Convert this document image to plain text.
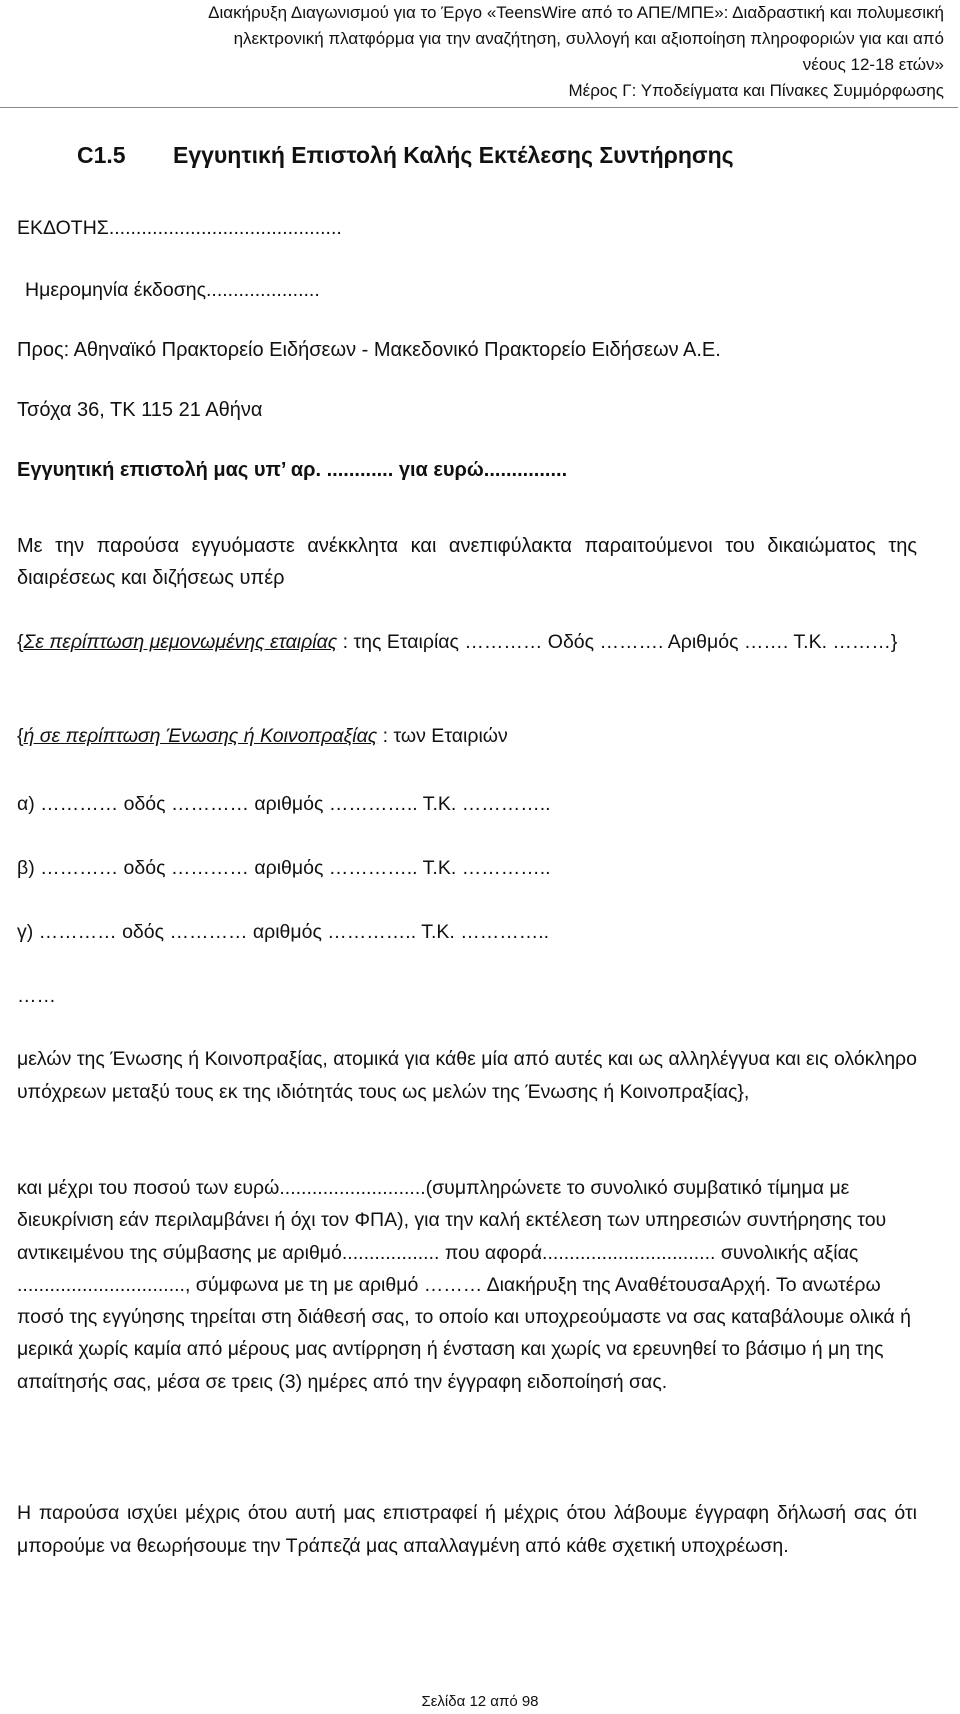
Διακήρυξη Διαγωνισμού για το Έργο «TeensWire από το ΑΠΕ/ΜΠΕ»: Διαδραστική και πολυμεσική
ηλεκτρονική πλατφόρμα για την αναζήτηση, συλλογή και αξιοποίηση πληροφοριών για και από
νέους 12-18 ετών»
Μέρος Γ: Υποδείγματα και Πίνακες Συμμόρφωσης
C1.5 Εγγυητική Επιστολή Καλής Εκτέλεσης Συντήρησης
ΕΚΔΟΤΗΣ...........................................
Ημερομηνία έκδοσης.....................
Προς: Αθηναϊκό Πρακτορείο Ειδήσεων - Μακεδονικό Πρακτορείο Ειδήσεων Α.Ε.
Τσόχα 36, ΤΚ 115 21 Αθήνα
Εγγυητική επιστολή μας υπ’ αρ. ............ για ευρώ...............
Με την παρούσα εγγυόμαστε ανέκκλητα και ανεπιφύλακτα παραιτούμενοι του δικαιώματος της διαιρέσεως και διζήσεως υπέρ
{Σε περίπτωση μεμονωμένης εταιρίας : της Εταιρίας ………… Οδός ………. Αριθμός ……. Τ.Κ. ………}
{ή σε περίπτωση Ένωσης ή Κοινοπραξίας : των Εταιριών
α) ………… οδός ………… αριθμός ………….. Τ.Κ. …………..
β) ………… οδός ………… αριθμός ………….. Τ.Κ. …………..
γ) ………… οδός ………… αριθμός ………….. Τ.Κ. …………..
……
μελών της Ένωσης ή Κοινοπραξίας, ατομικά για κάθε μία από αυτές και ως αλληλέγγυα και εις ολόκληρο υπόχρεων μεταξύ τους εκ της ιδιότητάς τους ως μελών της Ένωσης ή Κοινοπραξίας},
και μέχρι του ποσού των ευρώ...........................(συμπληρώνετε το συνολικό συμβατικό τίμημα με διευκρίνιση εάν περιλαμβάνει ή όχι τον ΦΠΑ), για την καλή εκτέλεση των υπηρεσιών συντήρησης του αντικειμένου της σύμβασης με αριθμό.................. που αφορά................................ συνολικής αξίας ..............................., σύμφωνα με τη με αριθμό ……… Διακήρυξη της ΑναθέτουσαΑρχή. Το ανωτέρω ποσό της εγγύησης τηρείται στη διάθεσή σας, το οποίο και υποχρεούμαστε να σας καταβάλουμε ολικά ή μερικά χωρίς καμία από μέρους μας αντίρρηση ή ένσταση και χωρίς να ερευνηθεί το βάσιμο ή μη της απαίτησής σας, μέσα σε τρεις (3) ημέρες από την έγγραφη ειδοποίησή σας.
Η παρούσα ισχύει μέχρις ότου αυτή μας επιστραφεί ή μέχρις ότου λάβουμε έγγραφη δήλωσή σας ότι μπορούμε να θεωρήσουμε την Τράπεζά μας απαλλαγμένη από κάθε σχετική υποχρέωση.
Σελίδα 12 από 98
